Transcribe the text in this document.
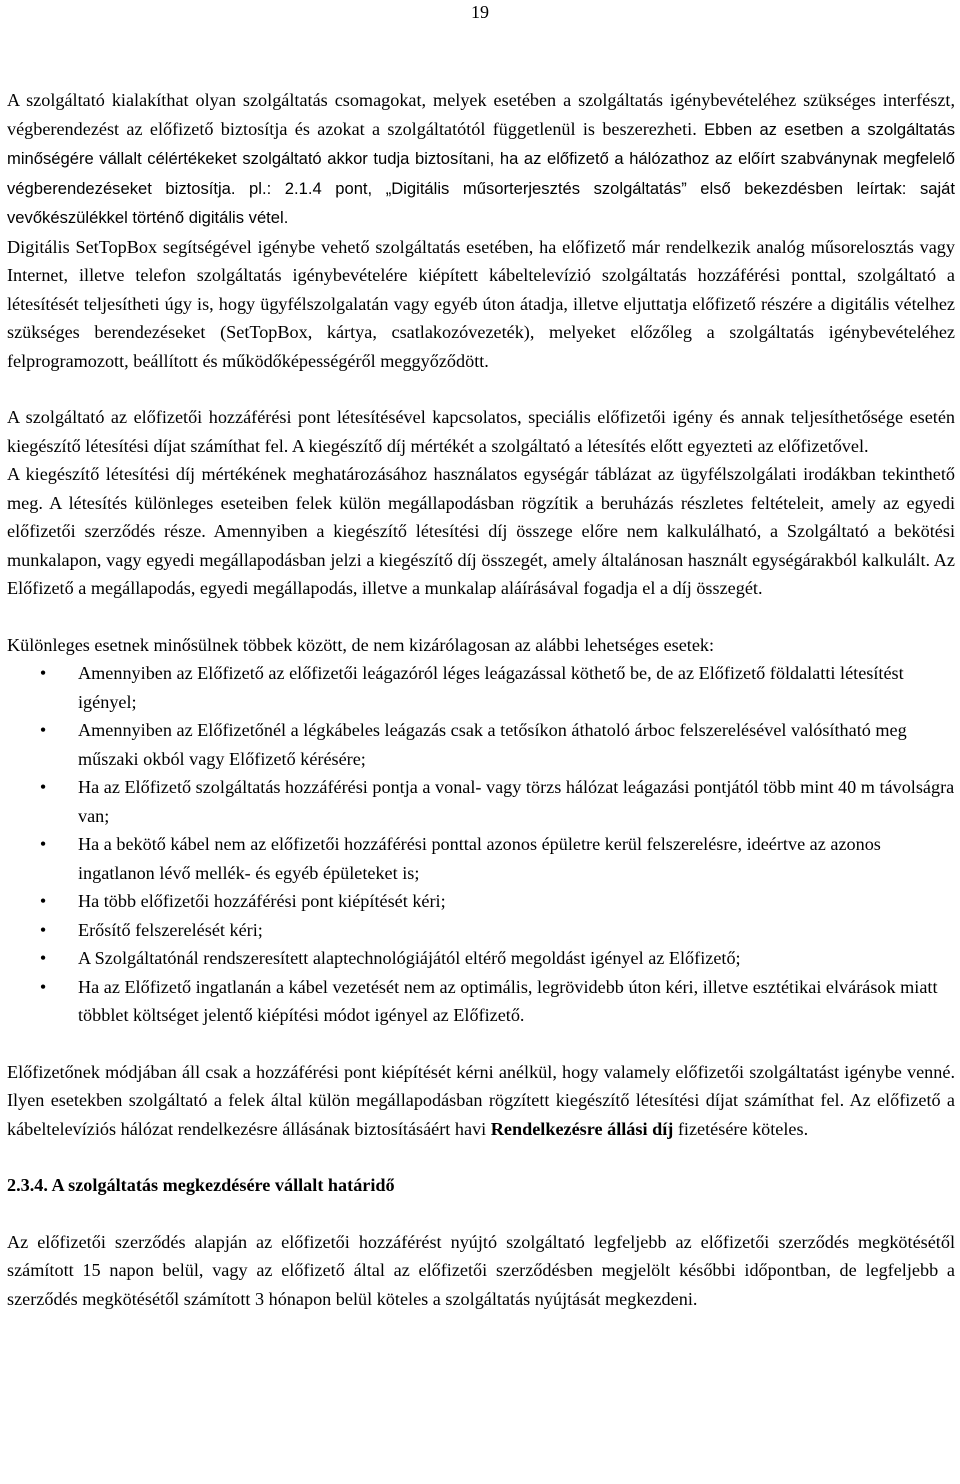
19

A szolgáltató kialakíthat olyan szolgáltatás csomagokat, melyek esetében a szolgáltatás igénybevételéhez szükséges interfészt, végberendezést az előfizető biztosítja és azokat a szolgáltatótól függetlenül is beszerezheti. Ebben az esetben a szolgáltatás minőségére vállalt célértékeket szolgáltató akkor tudja biztosítani, ha az előfizető a hálózathoz az előírt szabványnak megfelelő végberendezéseket biztosítja. pl.: 2.1.4 pont, „Digitális műsorterjesztés szolgáltatás” első bekezdésben leírtak: saját vevőkészülékkel történő digitális vétel.

Digitális SetTopBox segítségével igénybe vehető szolgáltatás esetében, ha előfizető már rendelkezik analóg műsorelosztás vagy Internet, illetve telefon szolgáltatás igénybevételére kiépített kábeltelevízió szolgáltatás hozzáférési ponttal, szolgáltató a létesítését teljesítheti úgy is, hogy ügyfélszolgalatán vagy egyéb úton átadja, illetve eljuttatja előfizető részére a digitális vételhez szükséges berendezéseket (SetTopBox, kártya, csatlakozóvezeték), melyeket előzőleg a szolgáltatás igénybevételéhez felprogramozott, beállított és működőképességéről meggyőződött.

A szolgáltató az előfizetői hozzáférési pont létesítésével kapcsolatos, speciális előfizetői igény és annak teljesíthetősége esetén kiegészítő létesítési díjat számíthat fel. A kiegészítő díj mértékét a szolgáltató a létesítés előtt egyezteti az előfizetővel.

A kiegészítő létesítési díj mértékének meghatározásához használatos egységár táblázat az ügyfélszolgálati irodákban tekinthető meg. A létesítés különleges eseteiben felek külön megállapodásban rögzítik a beruházás részletes feltételeit, amely az egyedi előfizetői szerződés része. Amennyiben a kiegészítő létesítési díj összege előre nem kalkulálható, a Szolgáltató a bekötési munkalapon, vagy egyedi megállapodásban jelzi a kiegészítő díj összegét, amely általánosan használt egységárakból kalkulált. Az Előfizető a megállapodás, egyedi megállapodás, illetve a munkalap aláírásával fogadja el a díj összegét.

Különleges esetnek minősülnek többek között, de nem kizárólagosan az alábbi lehetséges esetek:

•	Amennyiben az Előfizető az előfizetői leágazóról léges leágazással köthető be, de az Előfizető földalatti létesítést igényel;
•	Amennyiben az Előfizetőnél a légkábeles leágazás csak a tetősíkon áthatoló árboc felszerelésével valósítható meg műszaki okból vagy Előfizető kérésére;
•	Ha az Előfizető szolgáltatás hozzáférési pontja a vonal- vagy törzs hálózat leágazási pontjától több mint 40 m távolságra van;
•	Ha a bekötő kábel nem az előfizetői hozzáférési ponttal azonos épületre kerül felszerelésre, ideértve az azonos ingatlanon lévő mellék- és egyéb épületeket is;
•	Ha több előfizetői hozzáférési pont kiépítését kéri;
•	Erősítő felszerelését kéri;
•	A Szolgáltatónál rendszeresített alaptechnológiájától eltérő megoldást igényel az Előfizető;
•	Ha az Előfizető ingatlanán a kábel vezetését nem az optimális, legrövidebb úton kéri, illetve esztétikai elvárások miatt többlet költséget jelentő kiépítési módot igényel az Előfizető.

Előfizetőnek módjában áll csak a hozzáférési pont kiépítését kérni anélkül, hogy valamely előfizetői szolgáltatást igénybe venné. Ilyen esetekben szolgáltató a felek által külön megállapodásban rögzített kiegészítő létesítési díjat számíthat fel. Az előfizető a kábeltelevíziós hálózat rendelkezésre állásának biztosításáért havi Rendelkezésre állási díj fizetésére köteles.

2.3.4. A szolgáltatás megkezdésére vállalt határidő

Az előfizetői szerződés alapján az előfizetői hozzáférést nyújtó szolgáltató legfeljebb az előfizetői szerződés megkötésétől számított 15 napon belül, vagy az előfizető által az előfizetői szerződésben megjelölt későbbi időpontban, de legfeljebb a szerződés megkötésétől számított 3 hónapon belül köteles a szolgáltatás nyújtását megkezdeni.
